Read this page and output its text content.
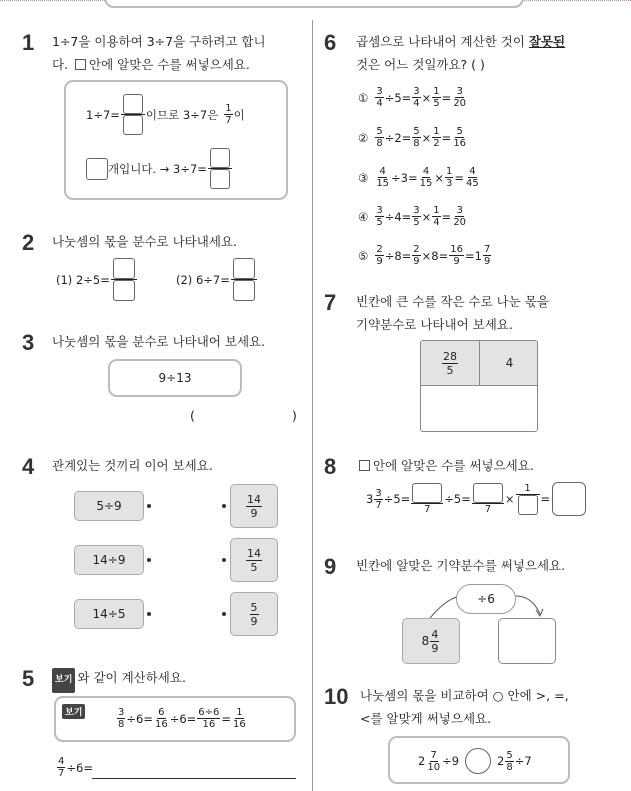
1 1÷7을 이용하여 3÷7을 구하려고 합니
다. 안에 알맞은 수를 써넣으세요.
1÷7= 이므로 3÷7은 $\frac{1}{7}$ 이
개입니다. → 3÷7=
2 나눗셈의 몫을 분수로 나타내세요.
(1) 2÷5=	(2) 6÷7=
3 나눗셈의 몫을 분수로 나타내어 보세요.
9÷13
(	)
4 관계있는 것끼리 이어 보세요.
5÷9
14÷9
14÷5
$\frac{14}{9}$
$\frac{14}{5}$
$\frac{5}{9}$
5	보기 와 같이 계산하세요.
보기	$\frac{3}{8} \div 6= \frac{6}{16} \div 6= \frac{6\div 6}{16} = \frac{1}{16}$
$\frac{4}{7} \div 6=$
6 곱셈으로 나타내어 계산한 것이 잘못된
것은 어느 것일까요? ( )
① $\frac{3}{4} \div 5= \frac{3}{4} \times \frac{1}{5} = \frac{3}{20}$
② $\frac{5}{8} \div 2= \frac{5}{8} \times \frac{1}{2} = \frac{5}{16}$
③ $\frac{4}{15} \div 3= \frac{4}{15} \times \frac{1}{3} = \frac{4}{45}$
④ $\frac{3}{5} \div 4= \frac{3}{5} \times \frac{1}{4} = \frac{3}{20}$
⑤ $\frac{2}{9} \div 8= \frac{2}{9} \times 8= \frac{16}{9} =1 \frac{7}{9}$
7 빈칸에 큰 수를 작은 수로 나눈 몫을
기약분수로 나타내어 보세요.
$\frac{28}{5}$	4
8	안에 알맞은 수를 써넣으세요.
$3 \frac{3}{7} \div 5=$
7
÷5=
7
×
1
=
9 빈칸에 알맞은 기약분수를 써넣으세요.
÷6
$8 \frac{4}{9}$
10 나눗셈의 몫을 비교하여 ○ 안에 >, =,
<를 알맞게 써넣으세요.
$2 \frac{7}{10} \div 9$	$2 \frac{5}{8} \div 7$
